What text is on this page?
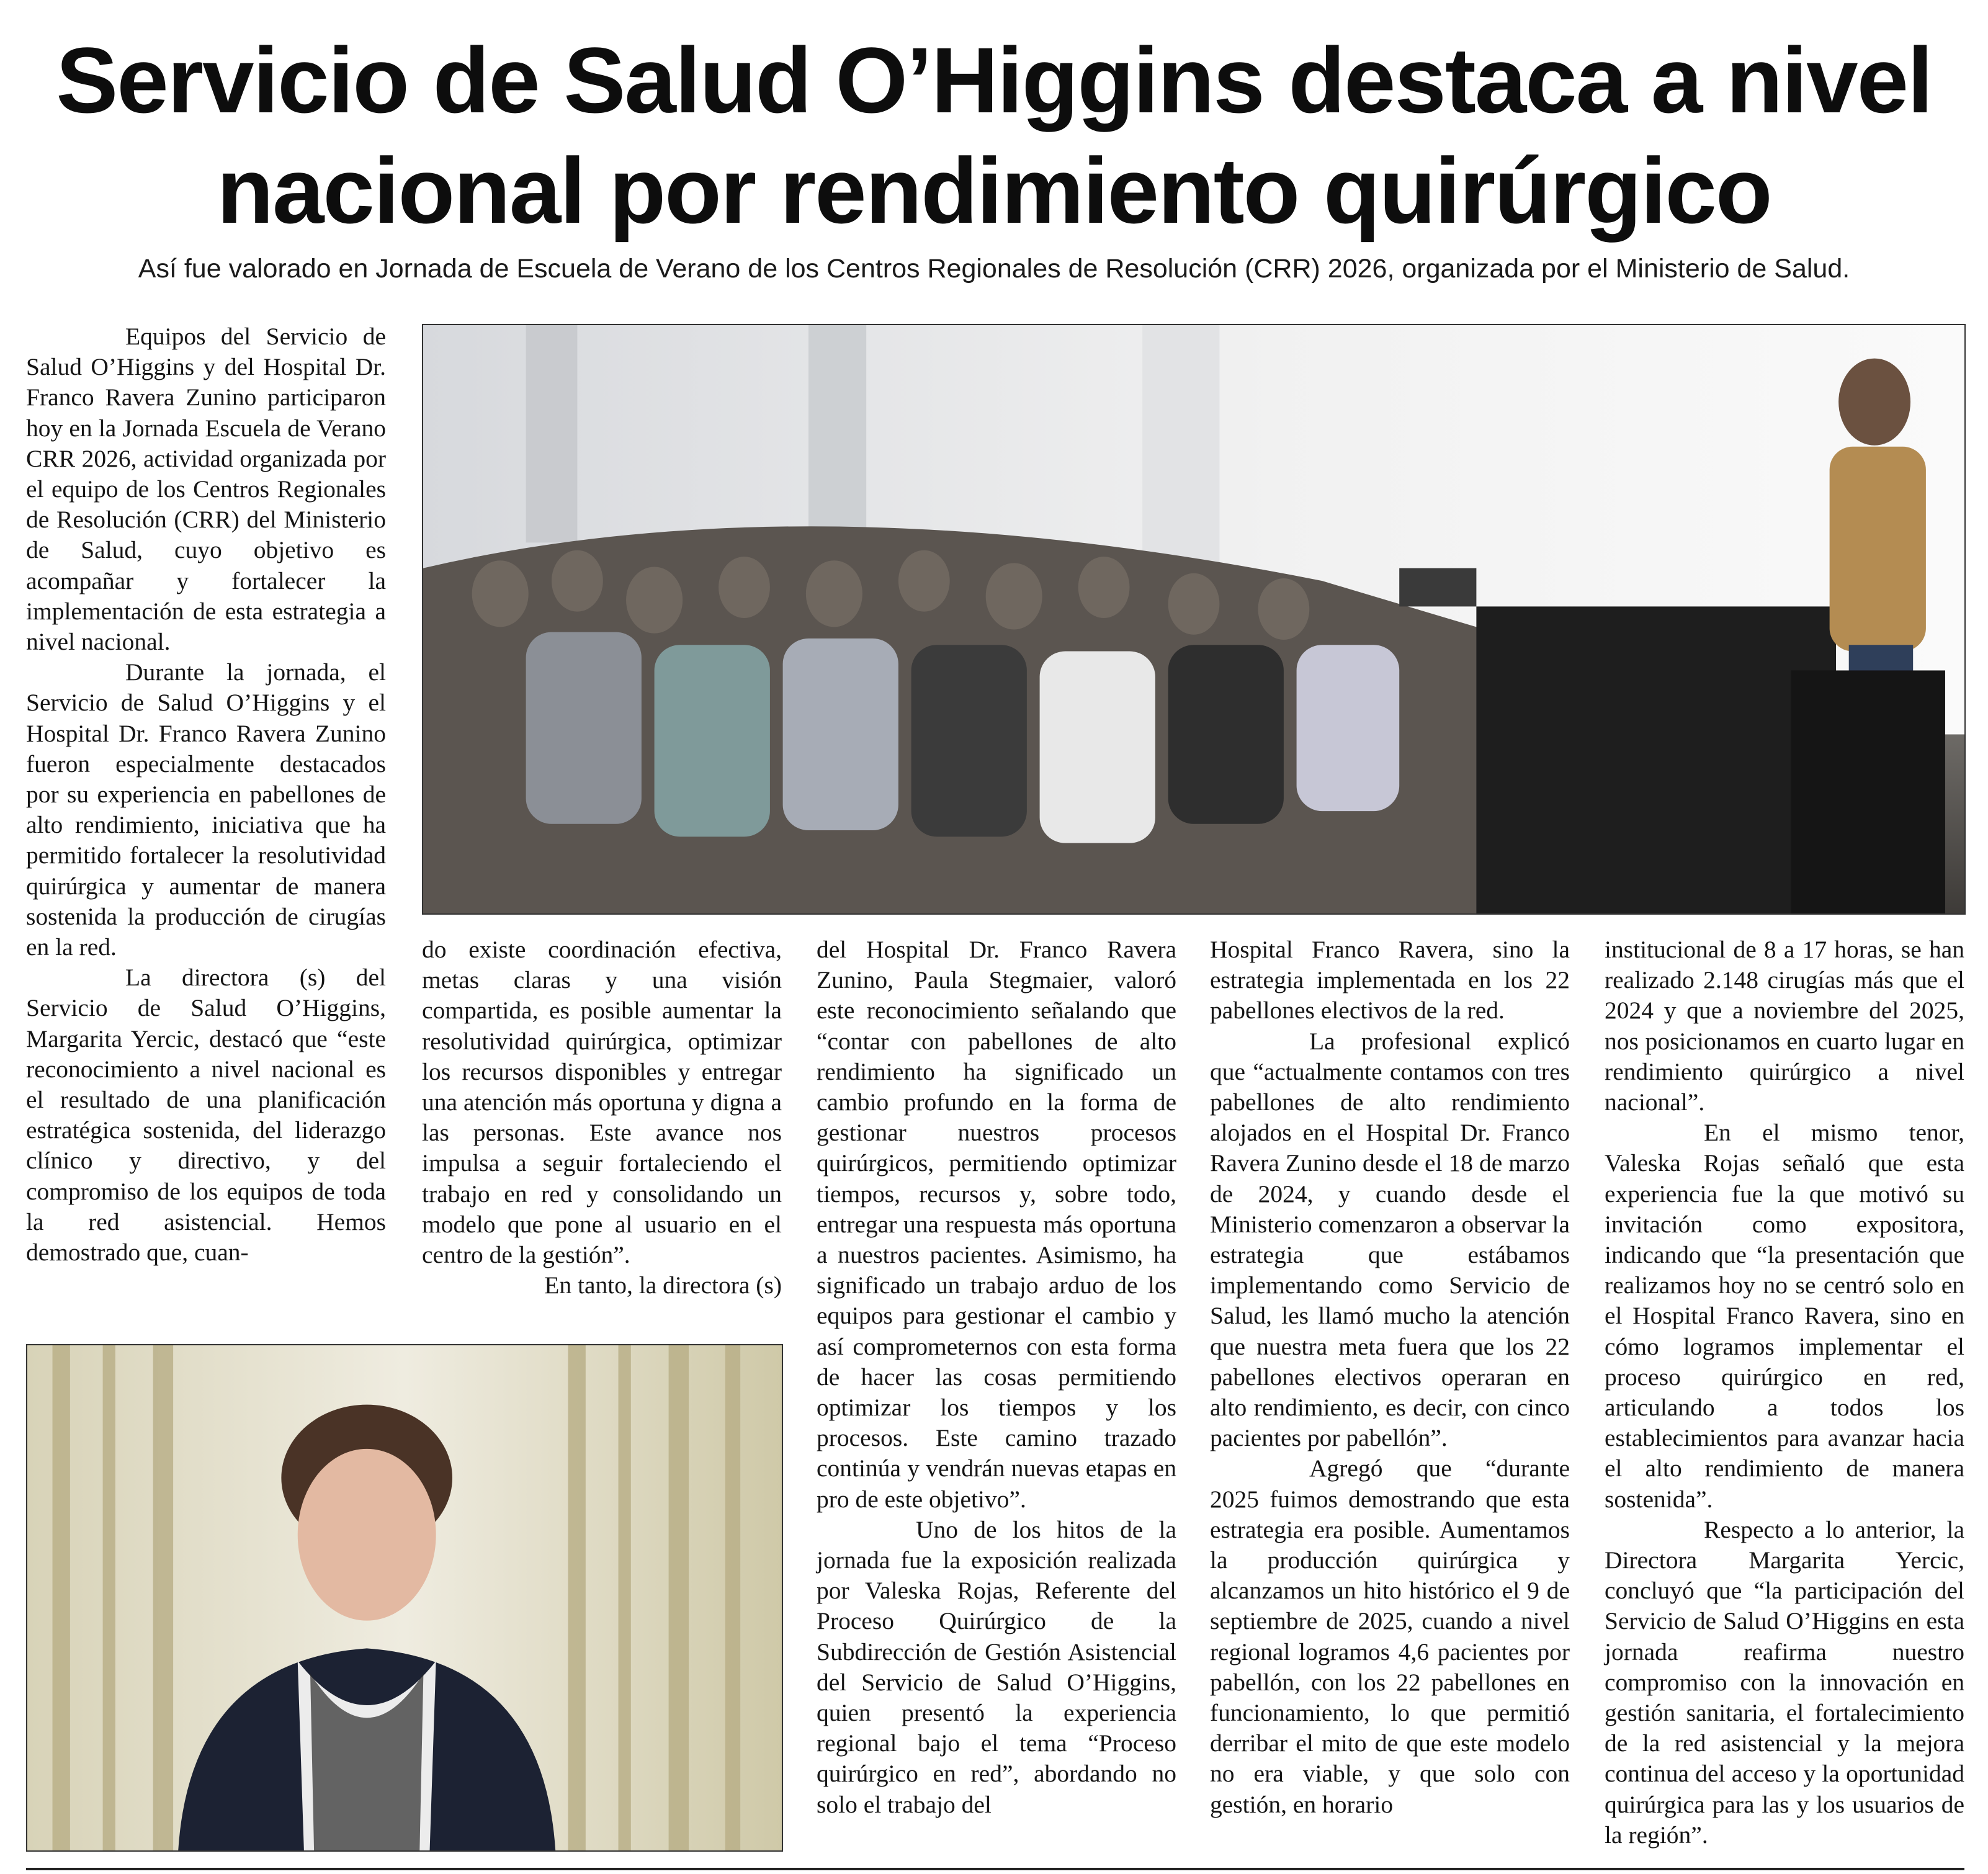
Servicio de Salud O’Higgins destaca a nivel nacional por rendimiento quirúrgico

Así fue valorado en Jornada de Escuela de Verano de los Centros Regionales de Resolución (CRR) 2026, organizada por el Ministerio de Salud.

Equipos del Servicio de Salud O’Higgins y del Hospital Dr. Franco Ravera Zunino participaron hoy en la Jornada Escuela de Verano CRR 2026, actividad organizada por el equipo de los Centros Regionales de Resolución (CRR) del Ministerio de Salud, cuyo objetivo es acompañar y fortalecer la implementación de esta estrategia a nivel nacional.

Durante la jornada, el Servicio de Salud O’Higgins y el Hospital Dr. Franco Ravera Zunino fueron especialmente destacados por su experiencia en pabellones de alto rendimiento, iniciativa que ha permitido fortalecer la resolutividad quirúrgica y aumentar de manera sostenida la producción de cirugías en la red.

La directora (s) del Servicio de Salud O’Higgins, Margarita Yercic, destacó que “este reconocimiento a nivel nacional es el resultado de una planificación estratégica sostenida, del liderazgo clínico y directivo, y del compromiso de los equipos de toda la red asistencial. Hemos demostrado que, cuan-

do existe coordinación efectiva, metas claras y una visión compartida, es posible aumentar la resolutividad quirúrgica, optimizar los recursos disponibles y entregar una atención más oportuna y digna a las personas. Este avance nos impulsa a seguir fortaleciendo el trabajo en red y consolidando un modelo que pone al usuario en el centro de la gestión”.

En tanto, la directora (s)

del Hospital Dr. Franco Ravera Zunino, Paula Stegmaier, valoró este reconocimiento señalando que “contar con pabellones de alto rendimiento ha significado un cambio profundo en la forma de gestionar nuestros procesos quirúrgicos, permitiendo optimizar tiempos, recursos y, sobre todo, entregar una respuesta más oportuna a nuestros pacientes. Asimismo, ha significado un trabajo arduo de los equipos para gestionar el cambio y así comprometernos con esta forma de hacer las cosas permitiendo optimizar los tiempos y los procesos. Este camino trazado continúa y vendrán nuevas etapas en pro de este objetivo”.

Uno de los hitos de la jornada fue la exposición realizada por Valeska Rojas, Referente del Proceso Quirúrgico de la Subdirección de Gestión Asistencial del Servicio de Salud O’Higgins, quien presentó la experiencia regional bajo el tema “Proceso quirúrgico en red”, abordando no solo el trabajo del

Hospital Franco Ravera, sino la estrategia implementada en los 22 pabellones electivos de la red.

La profesional explicó que “actualmente contamos con tres pabellones de alto rendimiento alojados en el Hospital Dr. Franco Ravera Zunino desde el 18 de marzo de 2024, y cuando desde el Ministerio comenzaron a observar la estrategia que estábamos implementando como Servicio de Salud, les llamó mucho la atención que nuestra meta fuera que los 22 pabellones electivos operaran en alto rendimiento, es decir, con cinco pacientes por pabellón”.

Agregó que “durante 2025 fuimos demostrando que esta estrategia era posible. Aumentamos la producción quirúrgica y alcanzamos un hito histórico el 9 de septiembre de 2025, cuando a nivel regional logramos 4,6 pacientes por pabellón, con los 22 pabellones en funcionamiento, lo que permitió derribar el mito de que este modelo no era viable, y que solo con gestión, en horario

institucional de 8 a 17 horas, se han realizado 2.148 cirugías más que el 2024 y que a noviembre del 2025, nos posicionamos en cuarto lugar en rendimiento quirúrgico a nivel nacional”.

En el mismo tenor, Valeska Rojas señaló que esta experiencia fue la que motivó su invitación como expositora, indicando que “la presentación que realizamos hoy no se centró solo en el Hospital Franco Ravera, sino en cómo logramos implementar el proceso quirúrgico en red, articulando a todos los establecimientos para avanzar hacia el alto rendimiento de manera sostenida”.

Respecto a lo anterior, la Directora Margarita Yercic, concluyó que “la participación del Servicio de Salud O’Higgins en esta jornada reafirma nuestro compromiso con la innovación en gestión sanitaria, el fortalecimiento de la red asistencial y la mejora continua del acceso y la oportunidad quirúrgica para las y los usuarios de la región”.
